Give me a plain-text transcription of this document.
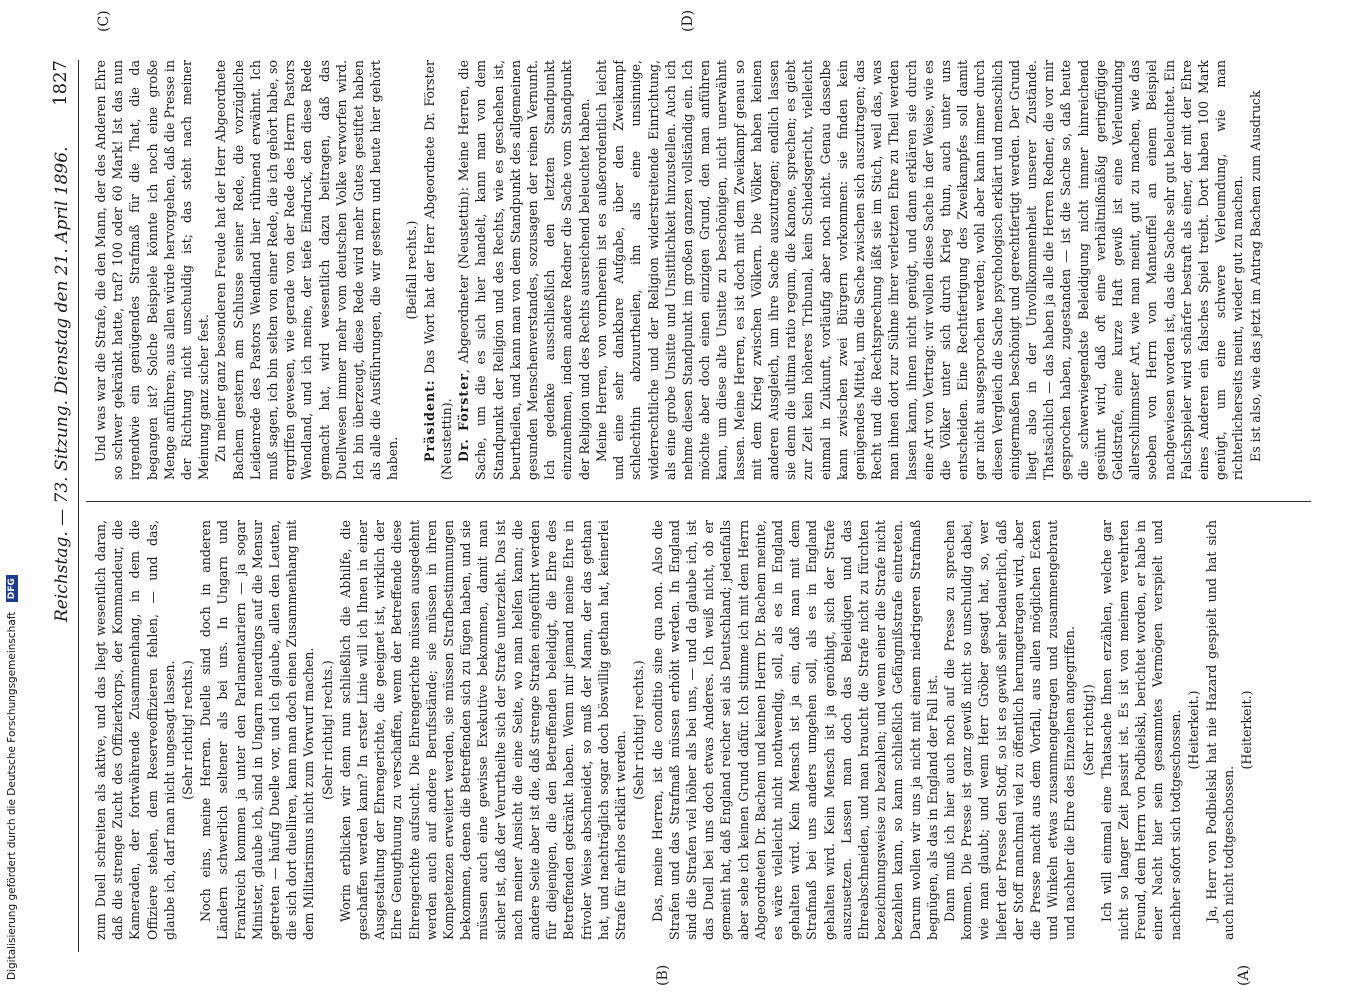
1827
Reichstag. — 73. Sitzung. Dienstag den 21. April 1896.
(C)	(D)
(A)
(B)

Und was war die Strafe, die den Mann, der des Anderen Ehre so schwer gekränkt hatte, traf? 100 oder 60 Mark! Ist das nun irgendwie ein genügendes Strafmaß für die That, die da begangen ist? Solche Beispiele könnte ich noch eine große Menge anführen; aus allen würde hervorgehen, daß die Presse in der Richtung nicht unschuldig ist; das steht nach meiner Meinung ganz sicher fest. Zu meiner ganz besonderen Freude hat der Herr Abgeordnete Bachem gestern am Schlusse seiner Rede, die vorzügliche Leidenrede des Pastors Wendland hier rühmend erwähnt. Ich muß sagen, ich bin selten von einer Rede, die ich gehört habe, so ergriffen gewesen, wie gerade von der Rede des Herrn Pastors Wendland, und ich meine, der tiefe Eindruck, den diese Rede gemacht hat, wird wesentlich dazu beitragen, daß das Duellwesen immer mehr vom deutschen Volke verworfen wird. Ich bin überzeugt, diese Rede wird mehr Gutes gestiftet haben als alle die Ausführungen, die wir gestern und heute hier gehört haben.

(Beifall rechts.)

Präsident: Das Wort hat der Herr Abgeordnete Dr. Förster (Neustettin). Dr. Förster, Abgeordneter (Neustettin): Meine Herren, die Sache, um die es sich hier handelt, kann man von dem Standpunkt der Religion und des Rechts, wie es geschehen ist, beurtheilen, und kann man von dem Standpunkt des allgemeinen gesunden Menschenverstandes, sozusagen der reinen Vernunft. Ich gedenke ausschließlich den letzten Standpunkt einzunehmen, indem andere Redner die Sache vom Standpunkt der Religion und des Rechts ausreichend beleuchtet haben. Meine Herren, von vornherein ist es außerordentlich leicht und eine sehr dankbare Aufgabe, über den Zweikampf schlechthin abzuurtheilen, ihn als eine unsinnige, widerrechtliche und der Religion widerstreitende Einrichtung, als eine grobe Unsitte und Unsittlichkeit hinzustellen. Auch ich nehme diesen Standpunkt im großen ganzen vollständig ein. Ich möchte aber doch einen einzigen Grund, den man anführen kann, um diese alte Unsitte zu beschönigen, nicht unerwähnt lassen. Meine Herren, es ist doch mit dem Zweikampf genau so mit dem Krieg zwischen Völkern. Die Völker haben keinen anderen Ausgleich, um ihre Sache auszutragen; endlich lassen sie denn die ultima ratio regum, die Kanone, sprechen; es giebt zur Zeit kein höheres Tribunal, kein Schiedsgericht, vielleicht einmal in Zukunft, vorläufig aber noch nicht. Genau dasselbe kann zwischen zwei Bürgern vorkommen: sie finden kein genügendes Mittel, um die Sache zwischen sich auszutragen; das Recht und die Rechtsprechung läßt sie im Stich, weil das, was man ihnen dort zur Sühne ihrer verletzten Ehre zu Theil werden lassen kann, ihnen nicht genügt, und dann erklären sie durch eine Art von Vertrag: wir wollen diese Sache in der Weise, wie es die Völker unter sich durch Krieg thun, auch unter uns entscheiden. Eine Rechtfertigung des Zweikampfes soll damit gar nicht ausgesprochen werden; wohl aber kann immer durch diesen Vergleich die Sache psychologisch erklärt und menschlich einigermaßen beschönigt und gerechtfertigt werden. Der Grund liegt also in der Unvollkommenheit unserer Zustände. Thatsächlich — das haben ja alle die Herren Redner, die vor mir gesprochen haben, zugestanden — ist die Sache so, daß heute die schwerwiegendste Beleidigung nicht immer hinreichend gesühnt wird, daß oft eine verhältnißmäßig geringfügige Geldstrafe, eine kurze Haft gewiß ist eine Verleumdung allerschlimmster Art, wie man meint, gut zu machen, wie das soeben von Herrn von Manteuffel an einem Beispiel nachgewiesen worden ist, das die Sache sehr gut beleuchtet. Ein Falschspieler wird schärfer bestraft als einer, der mit der Ehre eines Anderen ein falsches Spiel treibt. Dort haben 100 Mark genügt, um eine schwere Verleumdung, wie man richterlicherseits meint, wieder gut zu machen. Es ist also, wie das jetzt im Antrag Bachem zum Ausdruck

zum Duell schreiten als aktive, und das liegt wesentlich daran, daß die strenge Zucht des Offizierkorps, der Kommandeur, die Kameraden, der fortwährende Zusammenhang, in dem die Offiziere stehen, dem Reserveoffizieren fehlen, — und das, glaube ich, darf man nicht ungesagt lassen. (Sehr richtig! rechts.) Noch eins, meine Herren. Duelle sind doch in anderen Ländern schwerlich seltener als bei uns. In Ungarn und Frankreich kommen ja unter den Parlamentariern — ja sogar Minister, glaube ich, sind in Ungarn neuerdings auf die Mensur getreten — häufig Duelle vor, und ich glaube, allen den Leuten, die sich dort duelliren, kann man doch einen Zusammenhang mit dem Militarismus nicht zum Vorwurf machen. (Sehr richtig! rechts.) Worin erblicken wir denn nun schließlich die Abhilfe, die geschaffen werden kann? In erster Linie will ich Ihnen in einer Ausgestaltung der Ehrengerichte, die geeignet ist, wirklich der Ehre Genugthuung zu verschaffen, wenn der Betreffende diese Ehrengerichte aufsucht. Die Ehrengerichte müssen ausgedehnt werden auch auf andere Berufsstände; sie müssen in ihren Kompetenzen erweitert werden, sie müssen Strafbestimmungen bekommen, denen die Betreffenden sich zu fügen haben, und sie müssen auch eine gewisse Exekutive bekommen, damit man sicher ist, daß der Verurtheilte sich der Strafe unterzieht. Das ist nach meiner Ansicht die eine Seite, wo man helfen kann; die andere Seite aber ist die, daß strenge Strafen eingeführt werden für diejenigen, die den Betreffenden beleidigt, die Ehre des Betreffenden gekränkt haben. Wenn mir jemand meine Ehre in frivoler Weise abschneidet, so muß der Mann, der das gethan hat, und nachträglich sogar doch böswillig gethan hat, keinerlei Strafe für ehrlos erklärt werden.

(Sehr richtig! rechts.) Das, meine Herren, ist die conditio sine qua non. Also die Strafen und das Strafmaß müssen erhöht werden. In England sind die Strafen viel höher als bei uns, — und da glaube ich, ist das Duell bei uns doch etwas Anderes. Ich weiß nicht, ob er gemeint hat, daß England reicher sei als Deutschland; jedenfalls aber sehe ich keinen Grund dafür. Ich stimme ich mit dem Herrn Abgeordneten Dr. Bachem und keinen Herrn Dr. Bachem meinte, es wäre vielleicht nicht nothwendig, soll, als es in England gehalten wird. Kein Mensch ist ja ein, daß man mit dem Strafmaß bei uns anders umgehen soll, als es in England gehalten wird. Kein Mensch ist ja genöthigt, sich der Strafe auszusetzen. Lassen man doch das Beleidigen und das Ehreabschneiden, und man braucht die Strafe nicht zu fürchten bezeichnungsweise zu bezahlen; und wenn einer die Strafe nicht bezahlen kann, so kann schließlich Gefängnißstrafe eintreten. Darum wollen wir uns ja nicht mit einem niedrigeren Strafmaß begnügen, als das in England der Fall ist. Dann muß ich hier auch noch auf die Presse zu sprechen kommen. Die Presse ist ganz gewiß nicht so unschuldig dabei, wie man glaubt; und wenn Herr Gröber gesagt hat, so, wer liefert der Presse den Stoff, so ist es gewiß sehr bedauerlich, daß der Stoff manchmal viel zu öffentlich herumgetragen wird, aber die Presse macht aus dem Vorfall, aus allen möglichen Ecken und Winkeln etwas zusammengetragen und zusammengebraut und nachher die Ehre des Einzelnen angegriffen. (Sehr richtig!) Ich will einmal eine Thatsache Ihnen erzählen, welche gar nicht so langer Zeit passirt ist. Es ist von meinem verehrten Freund, dem Herrn von Podbielski, berichtet worden, er habe in einer Nacht hier sein gesammtes Vermögen verspielt und nachher sofort sich todtgeschossen. (Heiterkeit.) Ja, Herr von Podbielski hat nie Hazard gespielt und hat sich auch nicht todtgeschossen.

(Heiterkeit.)

Digitalisierung gefördert durch die Deutsche Forschungsgemeinschaft DFG
